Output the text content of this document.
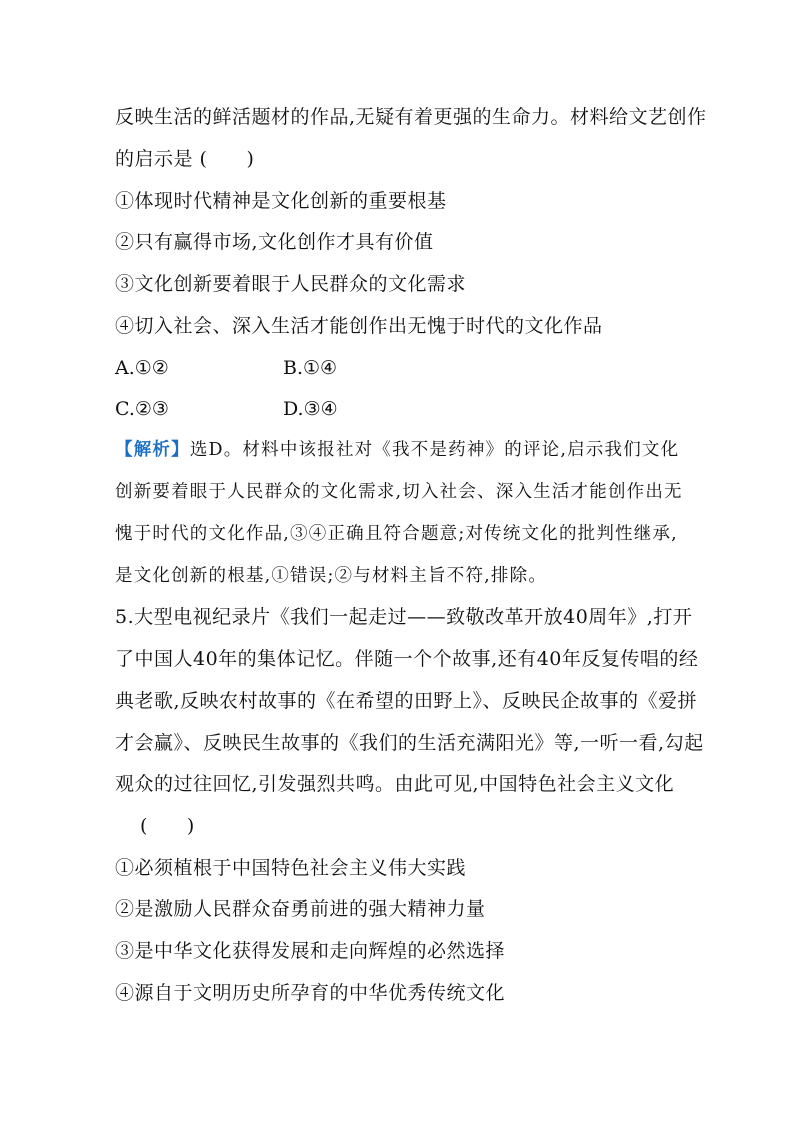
反映生活的鲜活题材的作品,无疑有着更强的生命力。材料给文艺创作
的启示是 (　　)
①体现时代精神是文化创新的重要根基
②只有赢得市场,文化创作才具有价值
③文化创新要着眼于人民群众的文化需求
④切入社会、深入生活才能创作出无愧于时代的文化作品
A.①②	B.①④
C.②③	D.③④
【解析】选D。材料中该报社对《我不是药神》的评论,启示我们文化
创新要着眼于人民群众的文化需求,切入社会、深入生活才能创作出无
愧于时代的文化作品,③④正确且符合题意;对传统文化的批判性继承,
是文化创新的根基,①错误;②与材料主旨不符,排除。
5.大型电视纪录片《我们一起走过——致敬改革开放40周年》,打开
了中国人40年的集体记忆。伴随一个个故事,还有40年反复传唱的经
典老歌,反映农村故事的《在希望的田野上》、反映民企故事的《爱拼
才会赢》、反映民生故事的《我们的生活充满阳光》等,一听一看,勾起
观众的过往回忆,引发强烈共鸣。由此可见,中国特色社会主义文化
(　　)
①必须植根于中国特色社会主义伟大实践
②是激励人民群众奋勇前进的强大精神力量
③是中华文化获得发展和走向辉煌的必然选择
④源自于文明历史所孕育的中华优秀传统文化
